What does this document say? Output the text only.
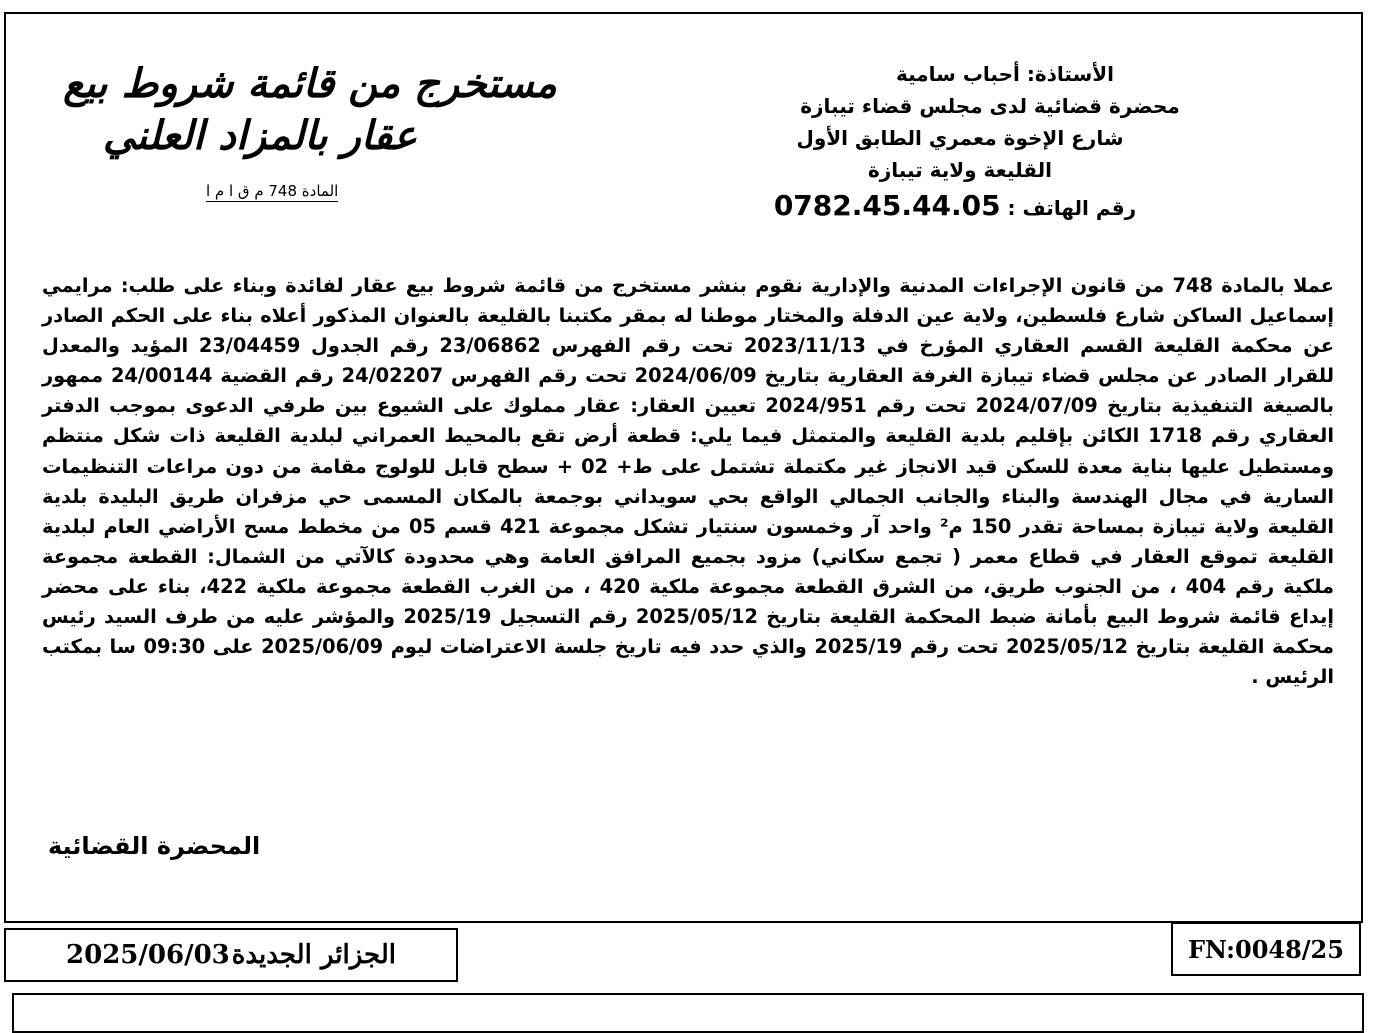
مستخرج من قائمة شروط بيع
عقار بالمزاد العلني
المادة 748 م ق ا م ا
الأستاذة: أحباب سامية
محضرة قضائية لدى مجلس قضاء تيبازة
شارع الإخوة معمري الطابق الأول
القليعة ولاية تيبازة
رقم الهاتف : 0782.45.44.05
عملا بالمادة 748 من قانون الإجراءات المدنية والإدارية نقوم بنشر مستخرج من قائمة شروط بيع عقار لفائدة وبناء على طلب: مرايمي إسماعيل الساكن شارع فلسطين، ولاية عين الدفلة والمختار موطنا له بمقر مكتبنا بالقليعة بالعنوان المذكور أعلاه بناء على الحكم الصادر عن محكمة القليعة القسم العقاري المؤرخ في 2023/11/13 تحت رقم الفهرس 23/06862 رقم الجدول 23/04459 المؤيد والمعدل للقرار الصادر عن مجلس قضاء تيبازة الغرفة العقارية بتاريخ 2024/06/09 تحت رقم الفهرس 24/02207 رقم القضية 24/00144 ممهور بالصيغة التنفيذية بتاريخ 2024/07/09 تحت رقم 2024/951 تعيين العقار: عقار مملوك على الشيوع بين طرفي الدعوى بموجب الدفتر العقاري رقم 1718 الكائن بإقليم بلدية القليعة والمتمثل فيما يلي: قطعة أرض تقع بالمحيط العمراني لبلدية القليعة ذات شكل منتظم ومستطيل عليها بناية معدة للسكن قيد الانجاز غير مكتملة تشتمل على ط+ 02 + سطح قابل للولوج مقامة من دون مراعات التنظيمات السارية في مجال الهندسة والبناء والجانب الجمالي الواقع بحي سويداني بوجمعة بالمكان المسمى حي مزفران طريق البليدة بلدية القليعة ولاية تيبازة بمساحة تقدر 150 م² واحد آر وخمسون سنتيار تشكل مجموعة 421 قسم 05 من مخطط مسح الأراضي العام لبلدية القليعة تموقع العقار في قطاع معمر ( تجمع سكاني) مزود بجميع المرافق العامة وهي محدودة كالآتي من الشمال: القطعة مجموعة ملكية رقم 404 ، من الجنوب طريق، من الشرق القطعة مجموعة ملكية 420 ، من الغرب القطعة مجموعة ملكية 422، بناء على محضر إيداع قائمة شروط البيع بأمانة ضبط المحكمة القليعة بتاريخ 2025/05/12 رقم التسجيل 2025/19 والمؤشر عليه من طرف السيد رئيس محكمة القليعة بتاريخ 2025/05/12 تحت رقم 2025/19 والذي حدد فيه تاريخ جلسة الاعتراضات ليوم 2025/06/09 على 09:30 سا بمكتب الرئيس .
المحضرة القضائية
الجزائر الجديدة
2025/06/03	FN:0048/25
